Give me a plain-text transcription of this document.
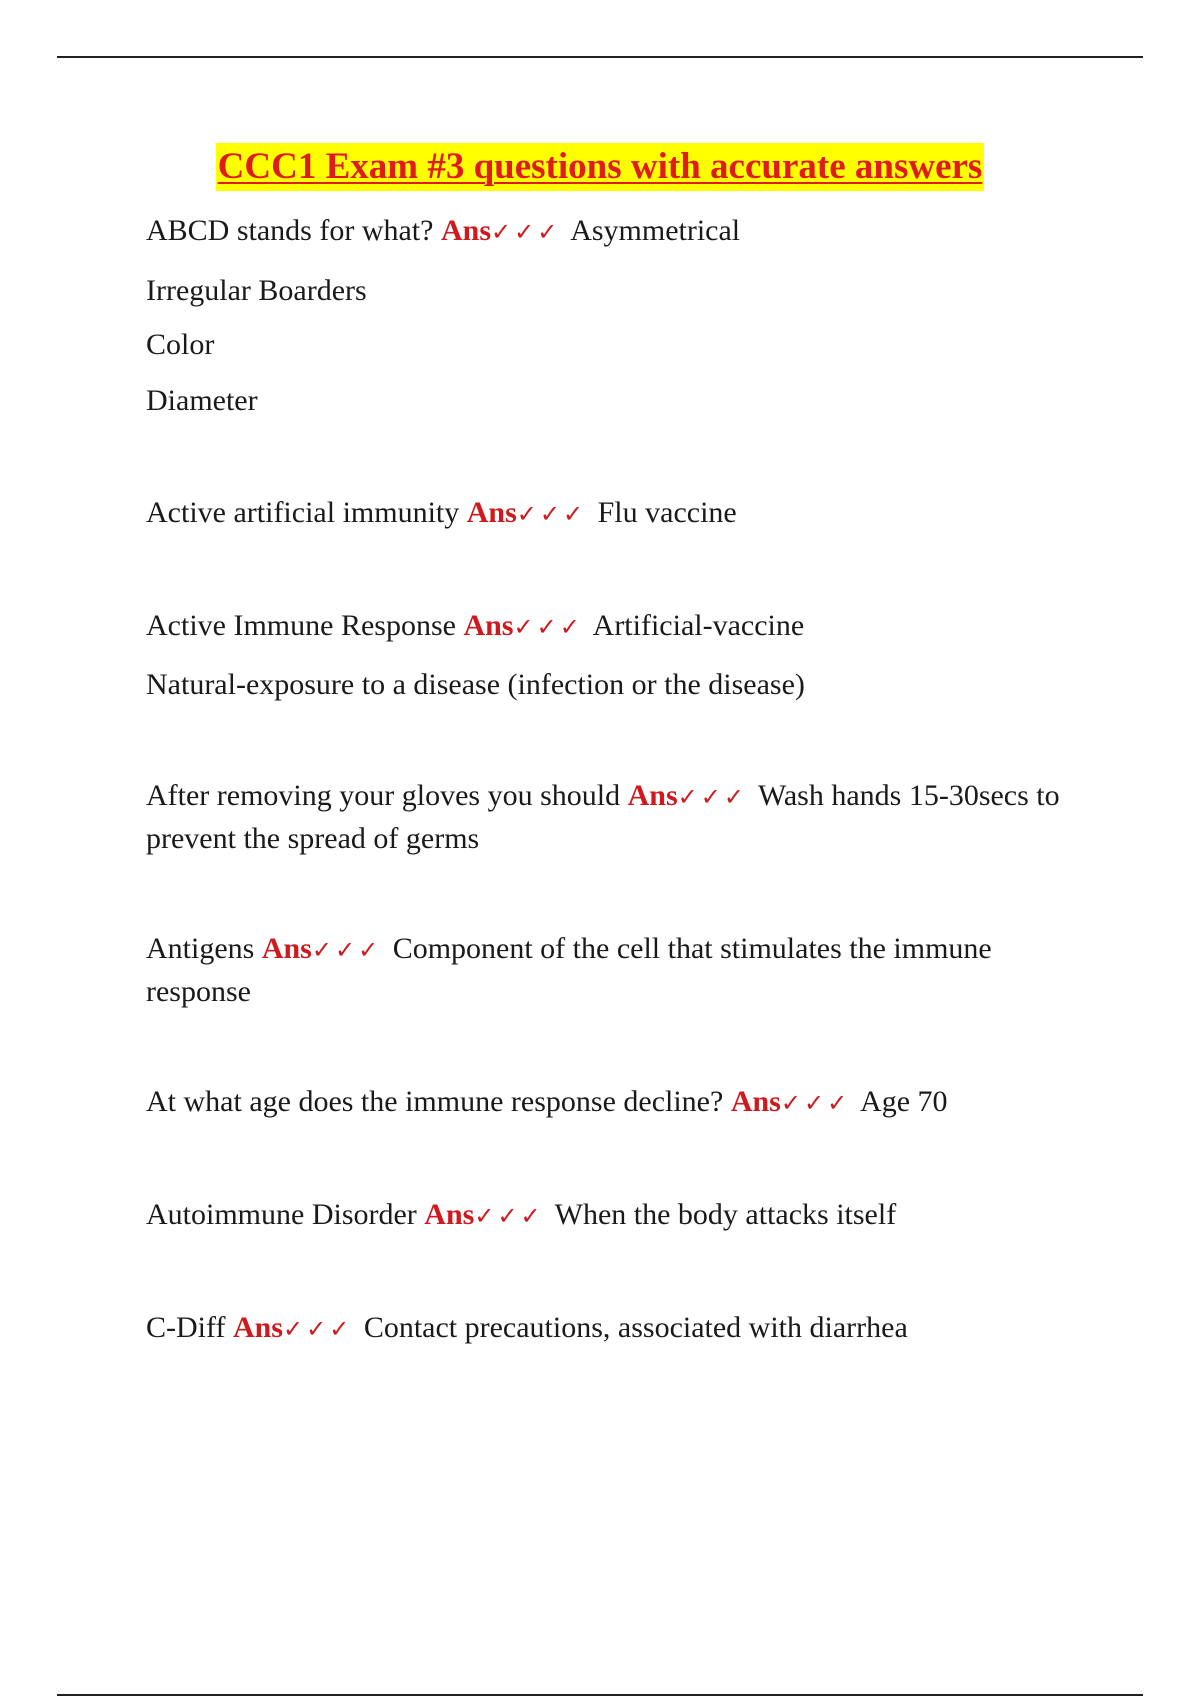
CCC1 Exam #3 questions with accurate answers

ABCD stands for what? Ans✓✓✓ Asymmetrical

Irregular Boarders

Color

Diameter

Active artificial immunity Ans✓✓✓ Flu vaccine

Active Immune Response Ans✓✓✓ Artificial-vaccine

Natural-exposure to a disease (infection or the disease)

After removing your gloves you should Ans✓✓✓ Wash hands 15-30secs to prevent the spread of germs

Antigens Ans✓✓✓ Component of the cell that stimulates the immune response

At what age does the immune response decline? Ans✓✓✓ Age 70

Autoimmune Disorder Ans✓✓✓ When the body attacks itself

C-Diff Ans✓✓✓ Contact precautions, associated with diarrhea
